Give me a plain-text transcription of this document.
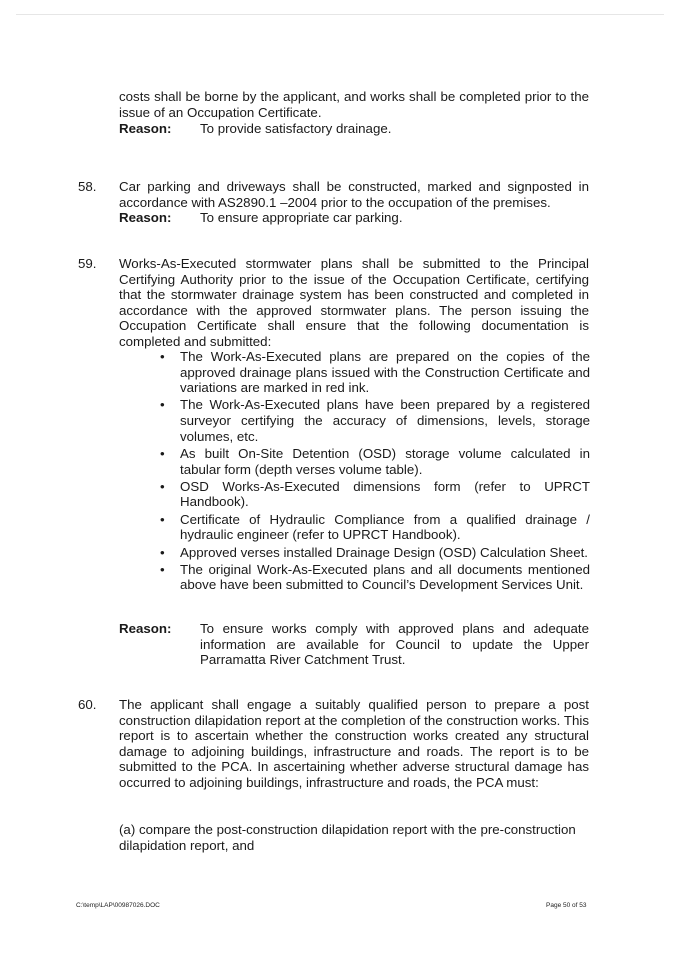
costs shall be borne by the applicant, and works shall be completed prior to the issue of an Occupation Certificate.
Reason: To provide satisfactory drainage.
58. Car parking and driveways shall be constructed, marked and signposted in accordance with AS2890.1 –2004 prior to the occupation of the premises.
Reason: To ensure appropriate car parking.
59. Works-As-Executed stormwater plans shall be submitted to the Principal Certifying Authority prior to the issue of the Occupation Certificate, certifying that the stormwater drainage system has been constructed and completed in accordance with the approved stormwater plans. The person issuing the Occupation Certificate shall ensure that the following documentation is completed and submitted:
• The Work-As-Executed plans are prepared on the copies of the approved drainage plans issued with the Construction Certificate and variations are marked in red ink.
• The Work-As-Executed plans have been prepared by a registered surveyor certifying the accuracy of dimensions, levels, storage volumes, etc.
• As built On-Site Detention (OSD) storage volume calculated in tabular form (depth verses volume table).
• OSD Works-As-Executed dimensions form (refer to UPRCT Handbook).
• Certificate of Hydraulic Compliance from a qualified drainage / hydraulic engineer (refer to UPRCT Handbook).
• Approved verses installed Drainage Design (OSD) Calculation Sheet.
• The original Work-As-Executed plans and all documents mentioned above have been submitted to Council’s Development Services Unit.
Reason: To ensure works comply with approved plans and adequate information are available for Council to update the Upper Parramatta River Catchment Trust.
60. The applicant shall engage a suitably qualified person to prepare a post construction dilapidation report at the completion of the construction works. This report is to ascertain whether the construction works created any structural damage to adjoining buildings, infrastructure and roads. The report is to be submitted to the PCA. In ascertaining whether adverse structural damage has occurred to adjoining buildings, infrastructure and roads, the PCA must:
(a) compare the post-construction dilapidation report with the pre-construction dilapidation report, and
C:\temp\LAP\00987026.DOC	Page 50 of 53
